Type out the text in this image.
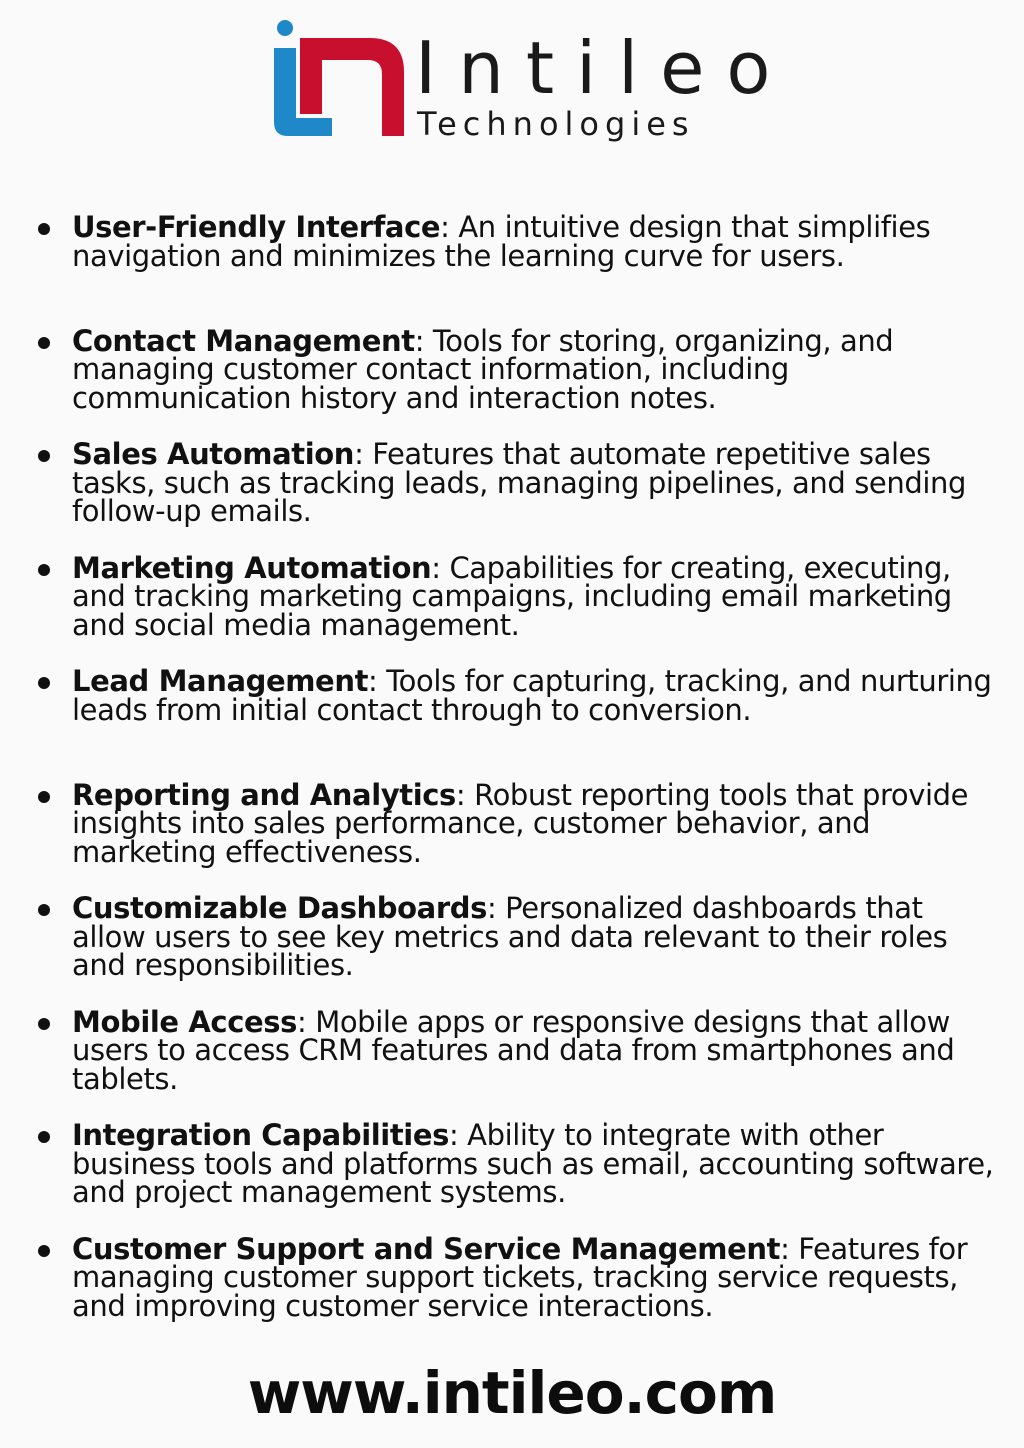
Intileo
Technologies
User-Friendly Interface: An intuitive design that simplifies navigation and minimizes the learning curve for users.
Contact Management: Tools for storing, organizing, and managing customer contact information, including communication history and interaction notes.
Sales Automation: Features that automate repetitive sales tasks, such as tracking leads, managing pipelines, and sending follow-up emails.
Marketing Automation: Capabilities for creating, executing, and tracking marketing campaigns, including email marketing and social media management.
Lead Management: Tools for capturing, tracking, and nurturing leads from initial contact through to conversion.
Reporting and Analytics: Robust reporting tools that provide insights into sales performance, customer behavior, and marketing effectiveness.
Customizable Dashboards: Personalized dashboards that allow users to see key metrics and data relevant to their roles and responsibilities.
Mobile Access: Mobile apps or responsive designs that allow users to access CRM features and data from smartphones and tablets.
Integration Capabilities: Ability to integrate with other business tools and platforms such as email, accounting software, and project management systems.
Customer Support and Service Management: Features for managing customer support tickets, tracking service requests, and improving customer service interactions.
www.intileo.com
